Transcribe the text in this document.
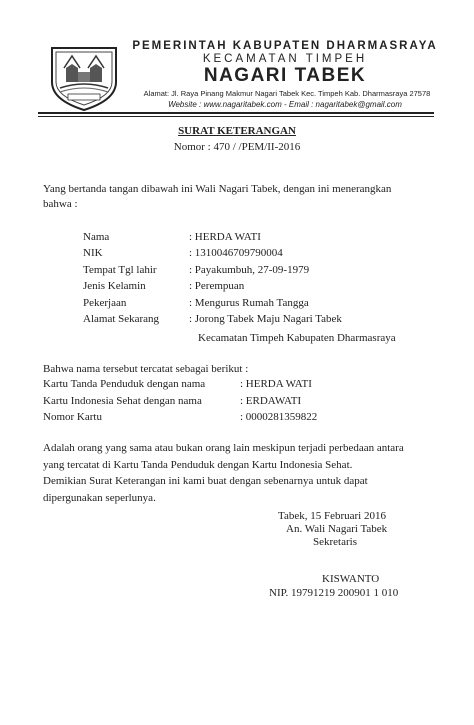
PEMERINTAH KABUPATEN DHARMASRAYA
KECAMATAN TIMPEH
NAGARI TABEK
Alamat: Jl. Raya Pinang Makmur Nagari Tabek Kec. Timpeh Kab. Dharmasraya 27578
Website : www.nagaritabek.com - Email : nagaritabek@gmail.com
SURAT KETERANGAN
Nomor : 470 / /PEM/II-2016
Yang bertanda tangan dibawah ini Wali Nagari Tabek, dengan ini menerangkan
bahwa :
Nama	: HERDA WATI
NIK	: 1310046709790004
Tempat Tgl lahir	: Payakumbuh, 27-09-1979
Jenis Kelamin	: Perempuan
Pekerjaan	: Mengurus Rumah Tangga
Alamat Sekarang	: Jorong Tabek Maju Nagari Tabek
Kecamatan Timpeh Kabupaten Dharmasraya
Bahwa nama tersebut tercatat sebagai berikut :
Kartu Tanda Penduduk dengan nama	: HERDA WATI
Kartu Indonesia Sehat dengan nama	: ERDAWATI
Nomor Kartu	: 0000281359822
Adalah orang yang sama atau bukan orang lain meskipun terjadi perbedaan antara
yang tercatat di Kartu Tanda Penduduk dengan Kartu Indonesia Sehat.
Demikian Surat Keterangan ini kami buat dengan sebenarnya untuk dapat
dipergunakan seperlunya.
Tabek, 15 Februari 2016
An. Wali Nagari Tabek
Sekretaris
KISWANTO
NIP. 19791219 200901 1 010
